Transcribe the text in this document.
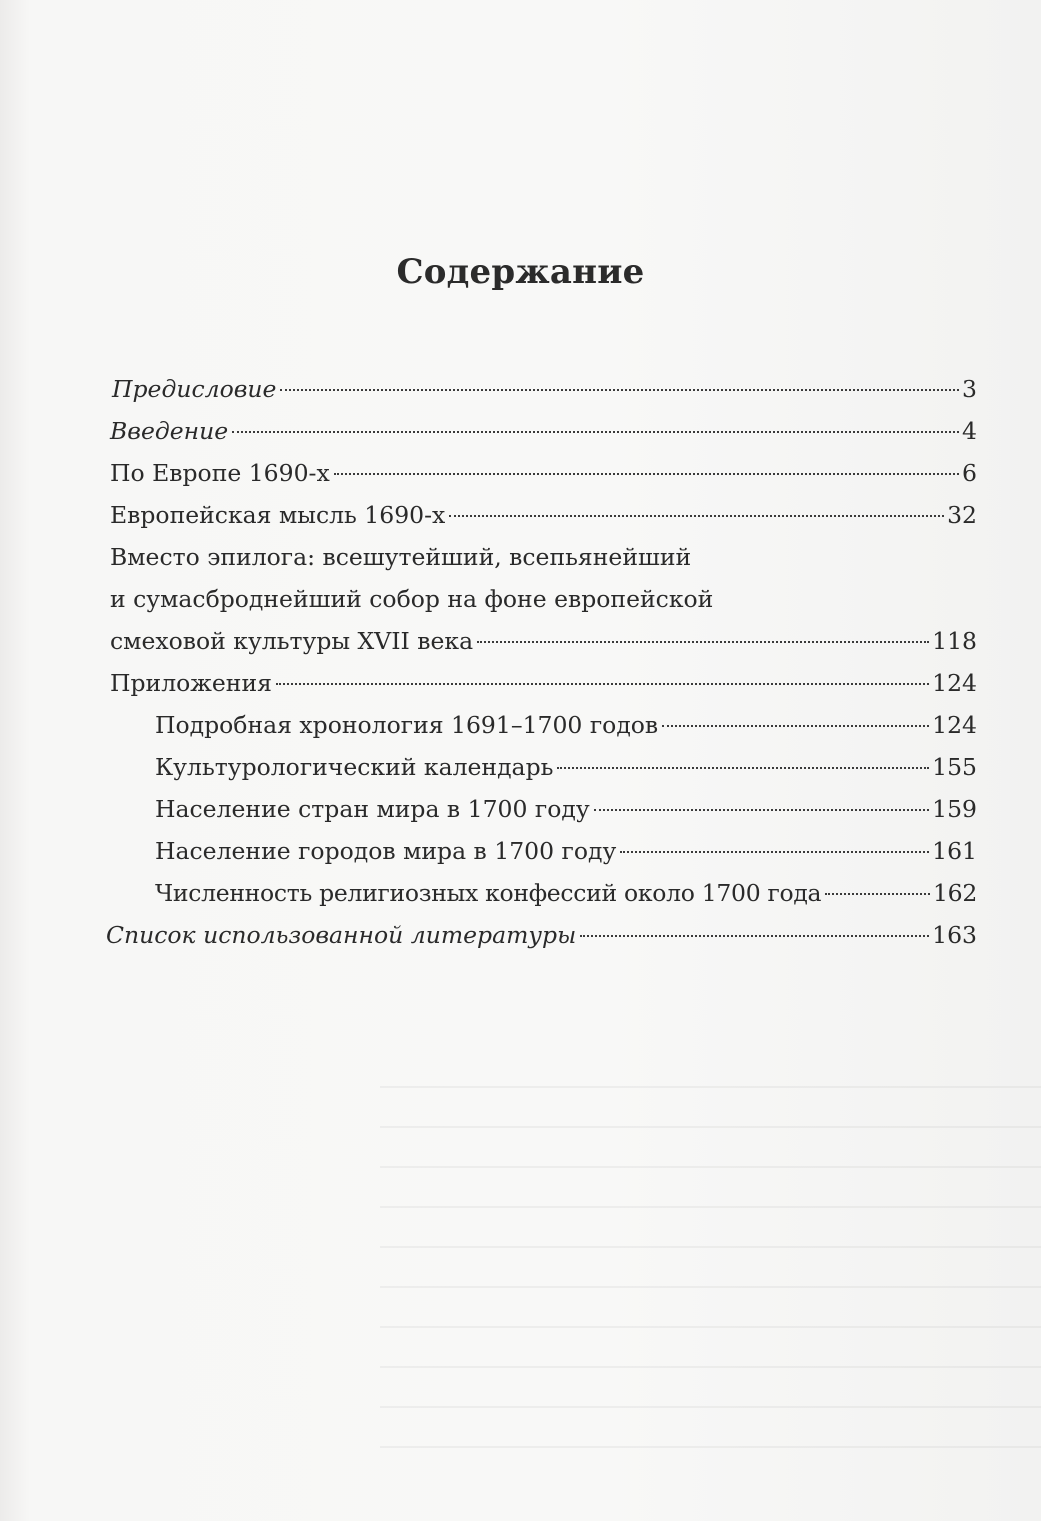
Содержание
Предисловие	3
Введение	4
По Европе 1690-х	6
Европейская мысль 1690-х	32
Вместо эпилога: всешутейший, всепьянейший
и сумасброднейший собор на фоне европейской
смеховой культуры XVII века	118
Приложения	124
Подробная хронология 1691–1700 годов	124
Культурологический календарь	155
Население стран мира в 1700 году	159
Население городов мира в 1700 году	161
Численность религиозных конфессий около 1700 года	162
Список использованной литературы	163
